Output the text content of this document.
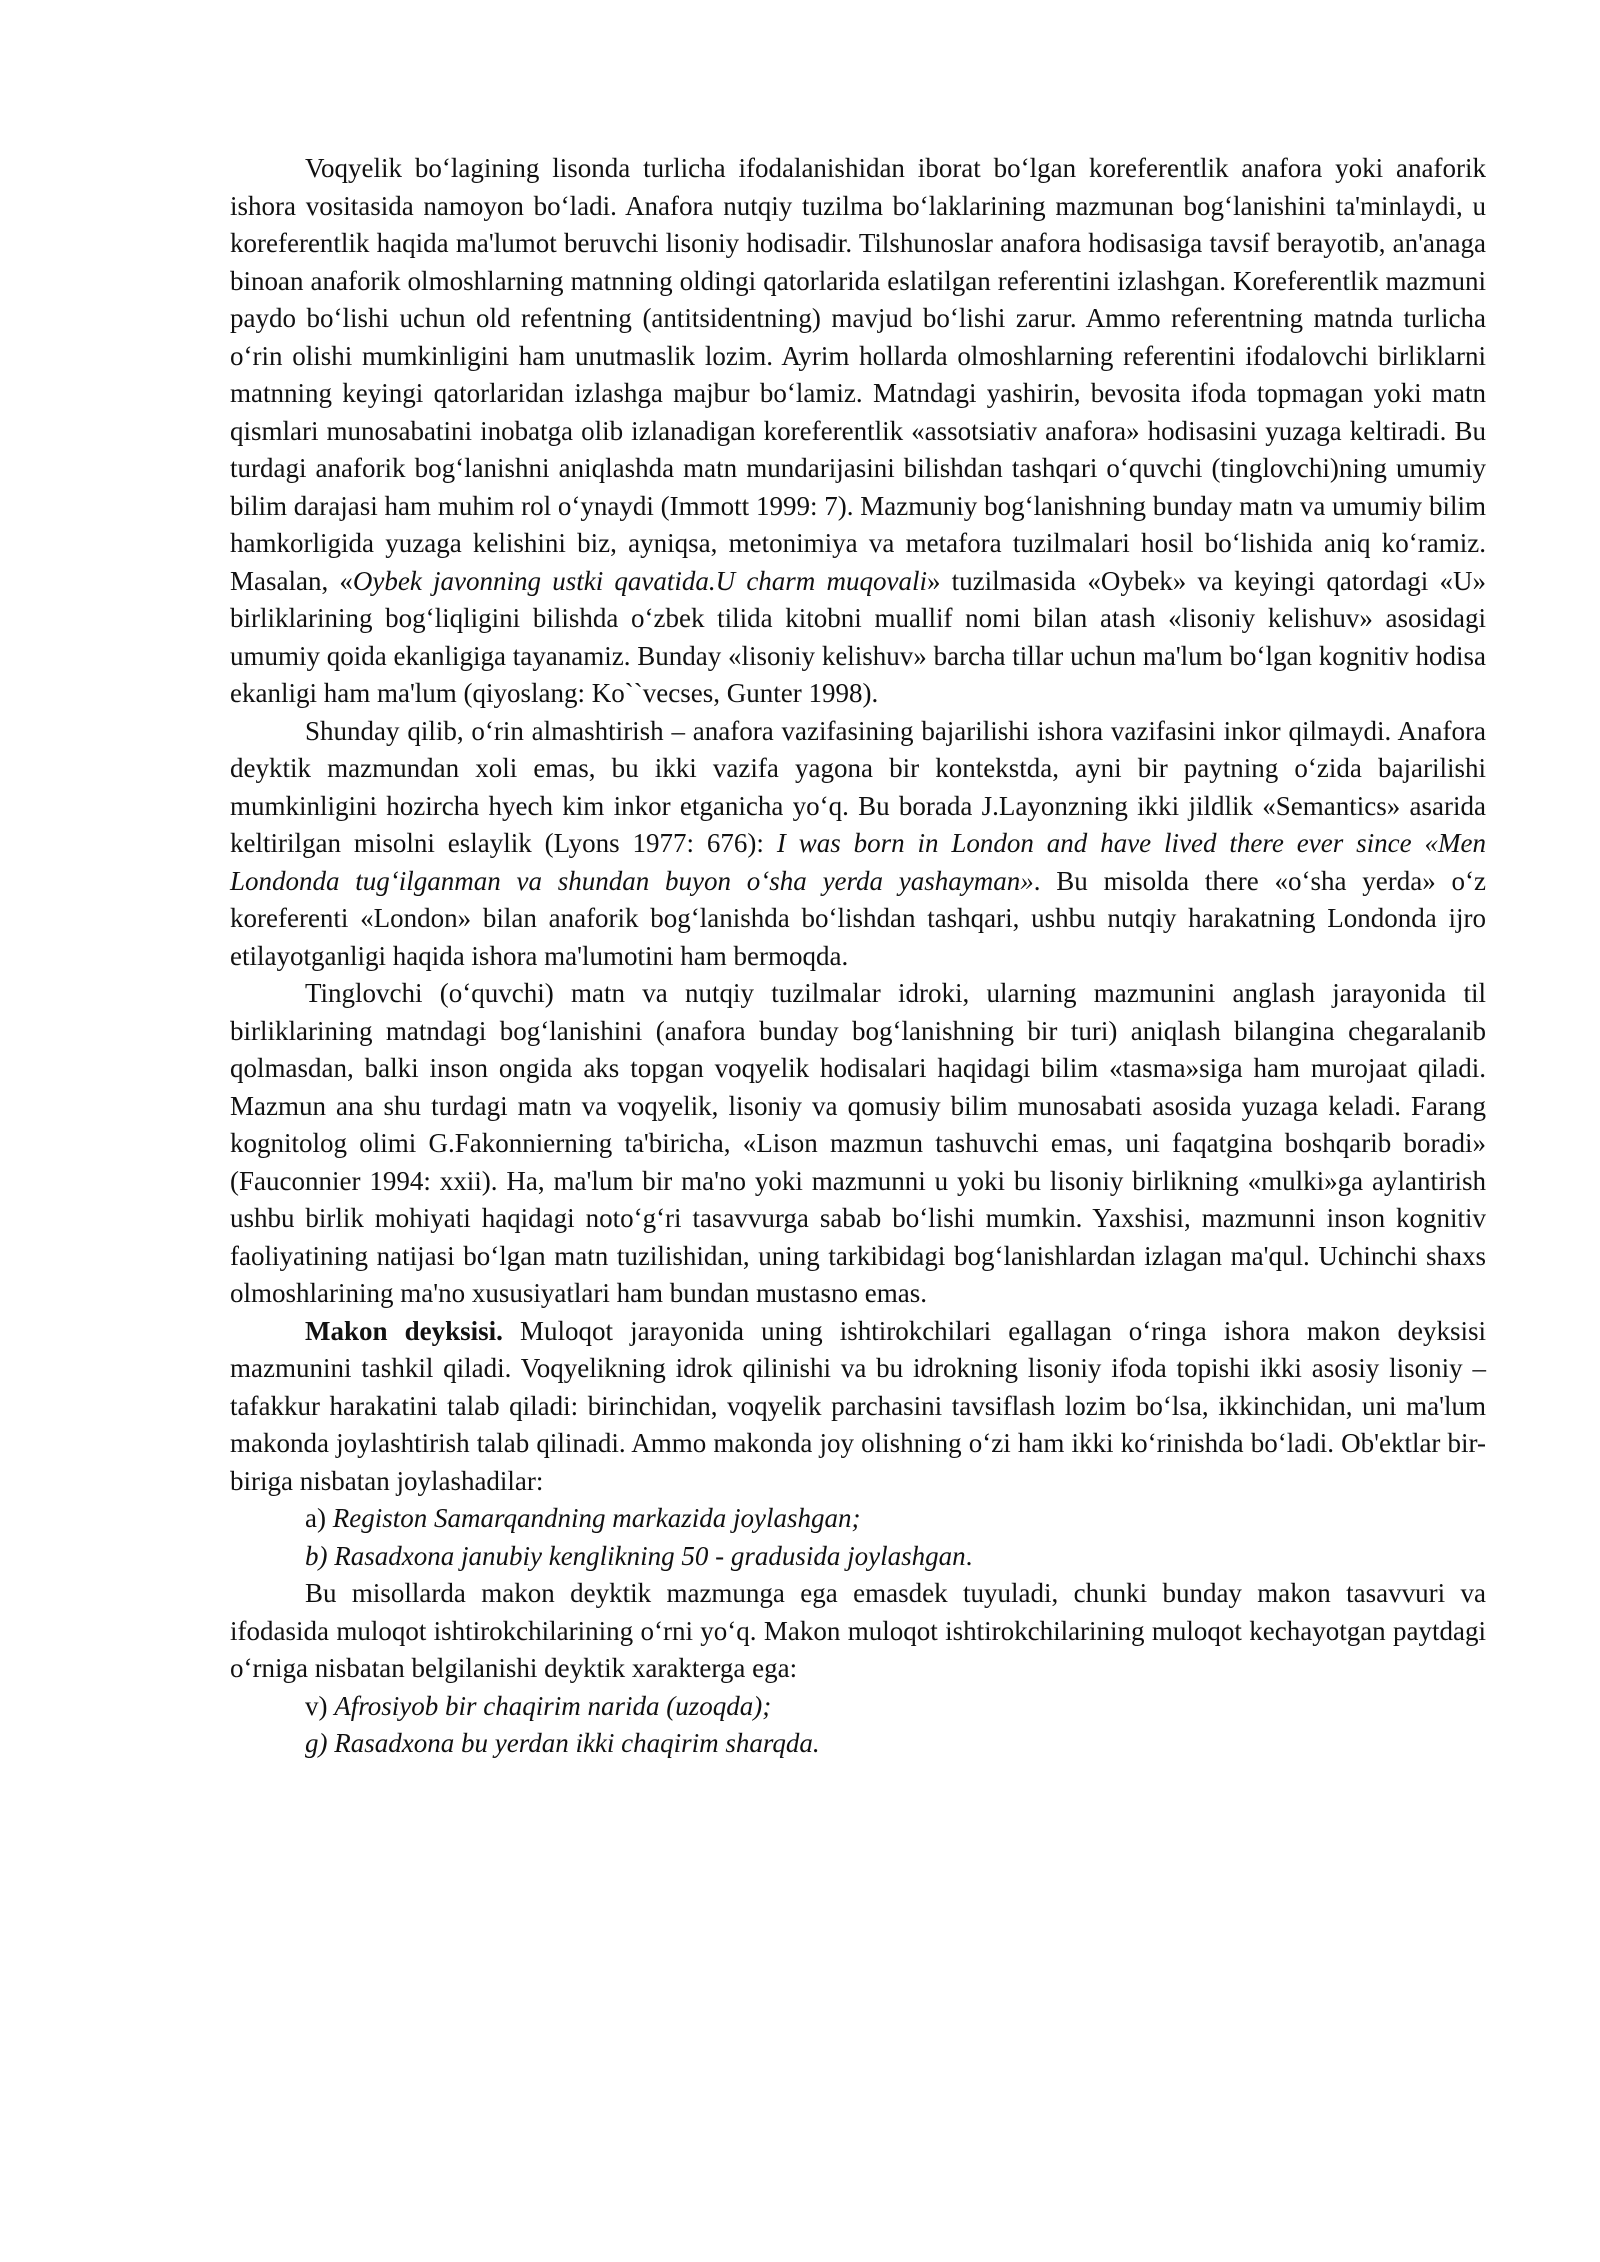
Voqyelik bo‘lagining lisonda turlicha ifodalanishidan iborat bo‘lgan koreferentlik anafora yoki anaforik ishora vositasida namoyon bo‘ladi. Anafora nutqiy tuzilma bo‘laklarining mazmunan bog‘lanishini ta'minlaydi, u koreferentlik haqida ma'lumot beruvchi lisoniy hodisadir. Tilshunoslar anafora hodisasiga tavsif berayotib, an'anaga binoan anaforik olmoshlarning matnning oldingi qatorlarida eslatilgan referentini izlashgan. Koreferentlik mazmuni paydo bo‘lishi uchun old refentning (antitsidentning) mavjud bo‘lishi zarur. Ammo referentning matnda turlicha o‘rin olishi mumkinligini ham unutmaslik lozim. Ayrim hollarda olmoshlarning referentini ifodalovchi birliklarni matnning keyingi qatorlaridan izlashga majbur bo‘lamiz. Matndagi yashirin, bevosita ifoda topmagan yoki matn qismlari munosabatini inobatga olib izlanadigan koreferentlik «assotsiativ anafora» hodisasini yuzaga keltiradi. Bu turdagi anaforik bog‘lanishni aniqlashda matn mundarijasini bilishdan tashqari o‘quvchi (tinglovchi)ning umumiy bilim darajasi ham muhim rol o‘ynaydi (Immott 1999: 7). Mazmuniy bog‘lanishning bunday matn va umumiy bilim hamkorligida yuzaga kelishini biz, ayniqsa, metonimiya va metafora tuzilmalari hosil bo‘lishida aniq ko‘ramiz. Masalan, «Oybek javonning ustki qavatida.U charm muqovali» tuzilmasida «Oybek» va keyingi qatordagi «U» birliklarining bog‘liqligini bilishda o‘zbek tilida kitobni muallif nomi bilan atash «lisoniy kelishuv» asosidagi umumiy qoida ekanligiga tayanamiz. Bunday «lisoniy kelishuv» barcha tillar uchun ma'lum bo‘lgan kognitiv hodisa ekanligi ham ma'lum (qiyoslang: Ko``vecses, Gunter 1998).

Shunday qilib, o‘rin almashtirish – anafora vazifasining bajarilishi ishora vazifasini inkor qilmaydi. Anafora deyktik mazmundan xoli emas, bu ikki vazifa yagona bir kontekstda, ayni bir paytning o‘zida bajarilishi mumkinligini hozircha hyech kim inkor etganicha yo‘q. Bu borada J.Layonzning ikki jildlik «Semantics» asarida keltirilgan misolni eslaylik (Lyons 1977: 676): I was born in London and have lived there ever since «Men Londonda tug‘ilganman va shundan buyon o‘sha yerda yashayman». Bu misolda there «o‘sha yerda» o‘z koreferenti «London» bilan anaforik bog‘lanishda bo‘lishdan tashqari, ushbu nutqiy harakatning Londonda ijro etilayotganligi haqida ishora ma'lumotini ham bermoqda.

Tinglovchi (o‘quvchi) matn va nutqiy tuzilmalar idroki, ularning mazmunini anglash jarayonida til birliklarining matndagi bog‘lanishini (anafora bunday bog‘lanishning bir turi) aniqlash bilangina chegaralanib qolmasdan, balki inson ongida aks topgan voqyelik hodisalari haqidagi bilim «tasma»siga ham murojaat qiladi. Mazmun ana shu turdagi matn va voqyelik, lisoniy va qomusiy bilim munosabati asosida yuzaga keladi. Farang kognitolog olimi G.Fakonnierning ta'biricha, «Lison mazmun tashuvchi emas, uni faqatgina boshqarib boradi» (Fauconnier 1994: xxii). Ha, ma'lum bir ma'no yoki mazmunni u yoki bu lisoniy birlikning «mulki»ga aylantirish ushbu birlik mohiyati haqidagi noto‘g‘ri tasavvurga sabab bo‘lishi mumkin. Yaxshisi, mazmunni inson kognitiv faoliyatining natijasi bo‘lgan matn tuzilishidan, uning tarkibidagi bog‘lanishlardan izlagan ma'qul. Uchinchi shaxs olmoshlarining ma'no xususiyatlari ham bundan mustasno emas.

Makon deyksisi. Muloqot jarayonida uning ishtirokchilari egallagan o‘ringa ishora makon deyksisi mazmunini tashkil qiladi. Voqyelikning idrok qilinishi va bu idrokning lisoniy ifoda topishi ikki asosiy lisoniy – tafakkur harakatini talab qiladi: birinchidan, voqyelik parchasini tavsiflash lozim bo‘lsa, ikkinchidan, uni ma'lum makonda joylashtirish talab qilinadi. Ammo makonda joy olishning o‘zi ham ikki ko‘rinishda bo‘ladi. Ob'ektlar bir-biriga nisbatan joylashadilar:

a) Registon Samarqandning markazida joylashgan;

b) Rasadxona janubiy kenglikning 50 - gradusida joylashgan.

Bu misollarda makon deyktik mazmunga ega emasdek tuyuladi, chunki bunday makon tasavvuri va ifodasida muloqot ishtirokchilarining o‘rni yo‘q. Makon muloqot ishtirokchilarining muloqot kechayotgan paytdagi o‘rniga nisbatan belgilanishi deyktik xarakterga ega:

v) Afrosiyob bir chaqirim narida (uzoqda);

g) Rasadxona bu yerdan ikki chaqirim sharqda.
